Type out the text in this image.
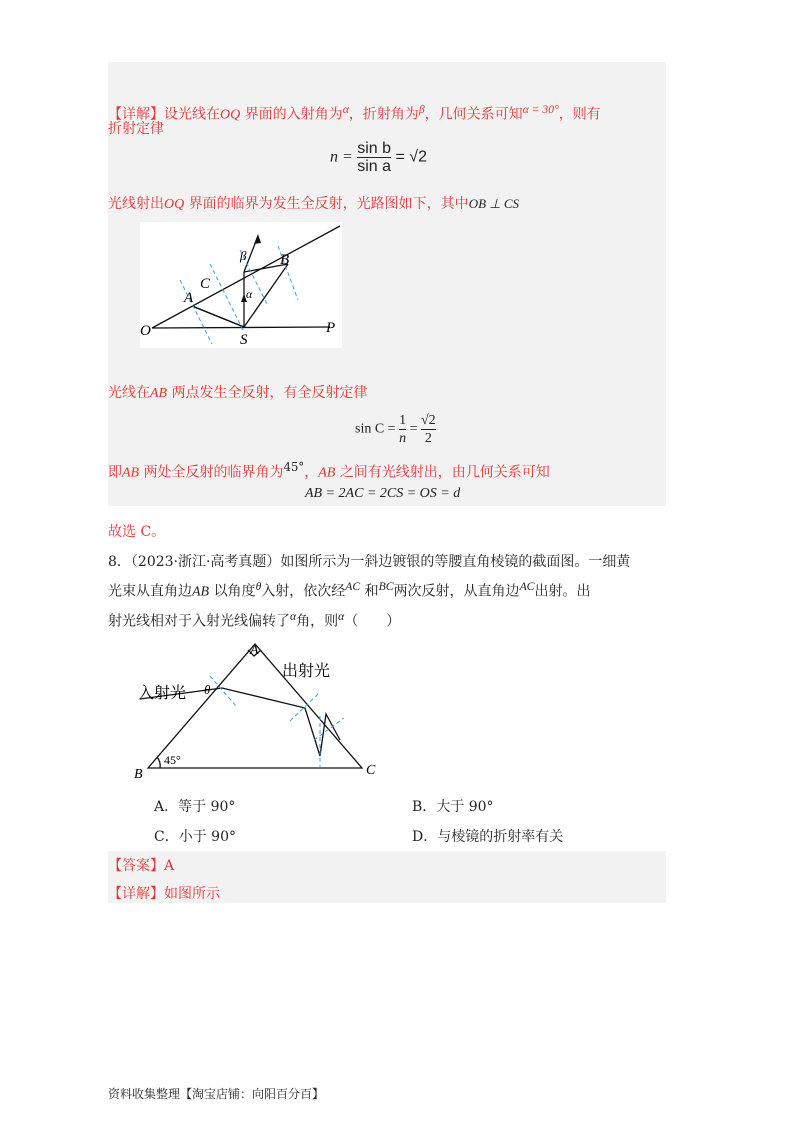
【详解】设光线在OQ 界面的入射角为$^\alpha$，折射角为$^\beta$，几何关系可知$^{\alpha = 30^\circ}$，则有
折射定律
$n = \frac{\text{sin b}}{\text{sin a}} = √2$
光线射出OQ 界面的临界为发生全反射，光路图如下，其中OB ⊥ CS
O	P
S
A
C
B
α
β
光线在AB 两点发生全反射，有全反射定律
$\sin C = \frac{1}{n} = \frac{√2}{2}$
即AB 两处全反射的临界角为$^{45^\circ}$，AB 之间有光线射出，由几何关系可知
AB = 2AC = 2CS = OS = d
故选 C。
8．（2023·浙江·高考真题）如图所示为一斜边镀银的等腰直角棱镜的截面图。一细黄
光束从直角边AB 以角度$^\theta$入射，依次经$^{AC}$ 和$^{BC}$两次反射，从直角边$^{AC}$出射。出
射光线相对于入射光线偏转了$^\alpha$角，则$^\alpha$（　　）
A
B	C
45°
θ
入射光
出射光
A．等于 90°	B．大于 90°
C．小于 90°	D．与棱镜的折射率有关
【答案】A
【详解】如图所示
资料收集整理【淘宝店铺：向阳百分百】
